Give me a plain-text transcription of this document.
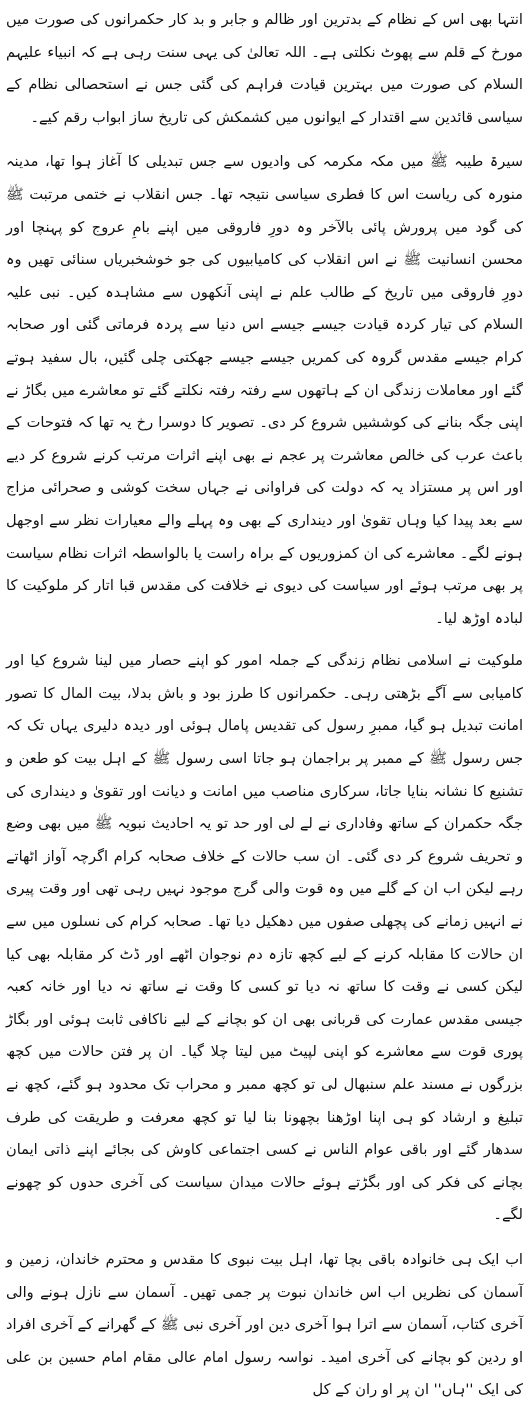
انتہا بھی اس کے نظام کے بدترین اور ظالم و جابر و بد کار حکمرانوں کی صورت میں مورخ کے قلم سے پھوٹ نکلتی ہے۔ اللہ تعالیٰ کی یہی سنت رہی ہے کہ انبیاء علیہم السلام کی صورت میں بہترین قیادت فراہم کی گئی جس نے استحصالی نظام کے سیاسی قائدین سے اقتدار کے ایوانوں میں کشمکش کی تاریخ ساز ابواب رقم کیے۔

سیرۃ طیبہ ﷺ میں مکہ مکرمہ کی وادیوں سے جس تبدیلی کا آغاز ہوا تھا، مدینہ منورہ کی ریاست اس کا فطری سیاسی نتیجہ تھا۔ جس انقلاب نے ختمی مرتبت ﷺ کی گود میں پرورش پائی بالآخر وہ دورِ فاروقی میں اپنے بامِ عروج کو پہنچا اور محسن انسانیت ﷺ نے اس انقلاب کی کامیابیوں کی جو خوشخبریاں سنائی تھیں وہ دورِ فاروقی میں تاریخ کے طالب علم نے اپنی آنکھوں سے مشاہدہ کیں۔ نبی علیہ السلام کی تیار کردہ قیادت جیسے جیسے اس دنیا سے پردہ فرماتی گئی اور صحابہ کرام جیسے مقدس گروہ کی کمریں جیسے جیسے جھکتی چلی گئیں، بال سفید ہوتے گئے اور معاملات زندگی ان کے ہاتھوں سے رفتہ رفتہ نکلتے گئے تو معاشرے میں بگاڑ نے اپنی جگہ بنانے کی کوششیں شروع کر دی۔ تصویر کا دوسرا رخ یہ تھا کہ فتوحات کے باعث عرب کی خالص معاشرت پر عجم نے بھی اپنے اثرات مرتب کرنے شروع کر دیے اور اس پر مستزاد یہ کہ دولت کی فراوانی نے جہاں سخت کوشی و صحرائی مزاج سے بعد پیدا کیا وہاں تقویٰ اور دینداری کے بھی وہ پہلے والے معیارات نظر سے اوجھل ہونے لگے۔ معاشرے کی ان کمزوریوں کے براہ راست یا بالواسطہ اثرات نظام سیاست پر بھی مرتب ہوئے اور سیاست کی دیوی نے خلافت کی مقدس قبا اتار کر ملوکیت کا لبادہ اوڑھ لیا۔

ملوکیت نے اسلامی نظام زندگی کے جملہ امور کو اپنے حصار میں لینا شروع کیا اور کامیابی سے آگے بڑھتی رہی۔ حکمرانوں کا طرز بود و باش بدلا، بیت المال کا تصور امانت تبدیل ہو گیا، ممبرِ رسول کی تقدیس پامال ہوئی اور دیدہ دلیری یہاں تک کہ جس رسول ﷺ کے ممبر پر براجمان ہو جاتا اسی رسول ﷺ کے اہل بیت کو طعن و تشنیع کا نشانہ بنایا جاتا، سرکاری مناصب میں امانت و دیانت اور تقویٰ و دینداری کی جگہ حکمران کے ساتھ وفاداری نے لے لی اور حد تو یہ احادیث نبویہ ﷺ میں بھی وضع و تحریف شروع کر دی گئی۔ ان سب حالات کے خلاف صحابہ کرام اگرچہ آواز اٹھاتے رہے لیکن اب ان کے گلے میں وہ قوت والی گرج موجود نہیں رہی تھی اور وقت پیری نے انہیں زمانے کی پچھلی صفوں میں دھکیل دیا تھا۔ صحابہ کرام کی نسلوں میں سے ان حالات کا مقابلہ کرنے کے لیے کچھ تازہ دم نوجوان اٹھے اور ڈٹ کر مقابلہ بھی کیا لیکن کسی نے وقت کا ساتھ نہ دیا تو کسی کا وقت نے ساتھ نہ دیا اور خانہ کعبہ جیسی مقدس عمارت کی قربانی بھی ان کو بچانے کے لیے ناکافی ثابت ہوئی اور بگاڑ پوری قوت سے معاشرے کو اپنی لپیٹ میں لیتا چلا گیا۔ ان پر فتن حالات میں کچھ بزرگوں نے مسند علم سنبھال لی تو کچھ ممبر و محراب تک محدود ہو گئے، کچھ نے تبلیغ و ارشاد کو ہی اپنا اوڑھنا بچھونا بنا لیا تو کچھ معرفت و طریقت کی طرف سدھار گئے اور باقی عوام الناس نے کسی اجتماعی کاوش کی بجائے اپنے ذاتی ایمان بچانے کی فکر کی اور بگڑتے ہوئے حالات میدان سیاست کی آخری حدوں کو چھونے لگے۔

اب ایک ہی خانوادہ باقی بچا تھا، اہل بیت نبوی کا مقدس و محترم خاندان، زمین و آسمان کی نظریں اب اس خاندان نبوت پر جمی تھیں۔ آسمان سے نازل ہونے والی آخری کتاب، آسمان سے اترا ہوا آخری دین اور آخری نبی ﷺ کے گھرانے کے آخری افراد او ردین کو بچانے کی آخری امید۔ نواسہ رسول امام عالی مقام امام حسین بن علی کی ایک ''ہاں'' ان پر او ران کے کل
